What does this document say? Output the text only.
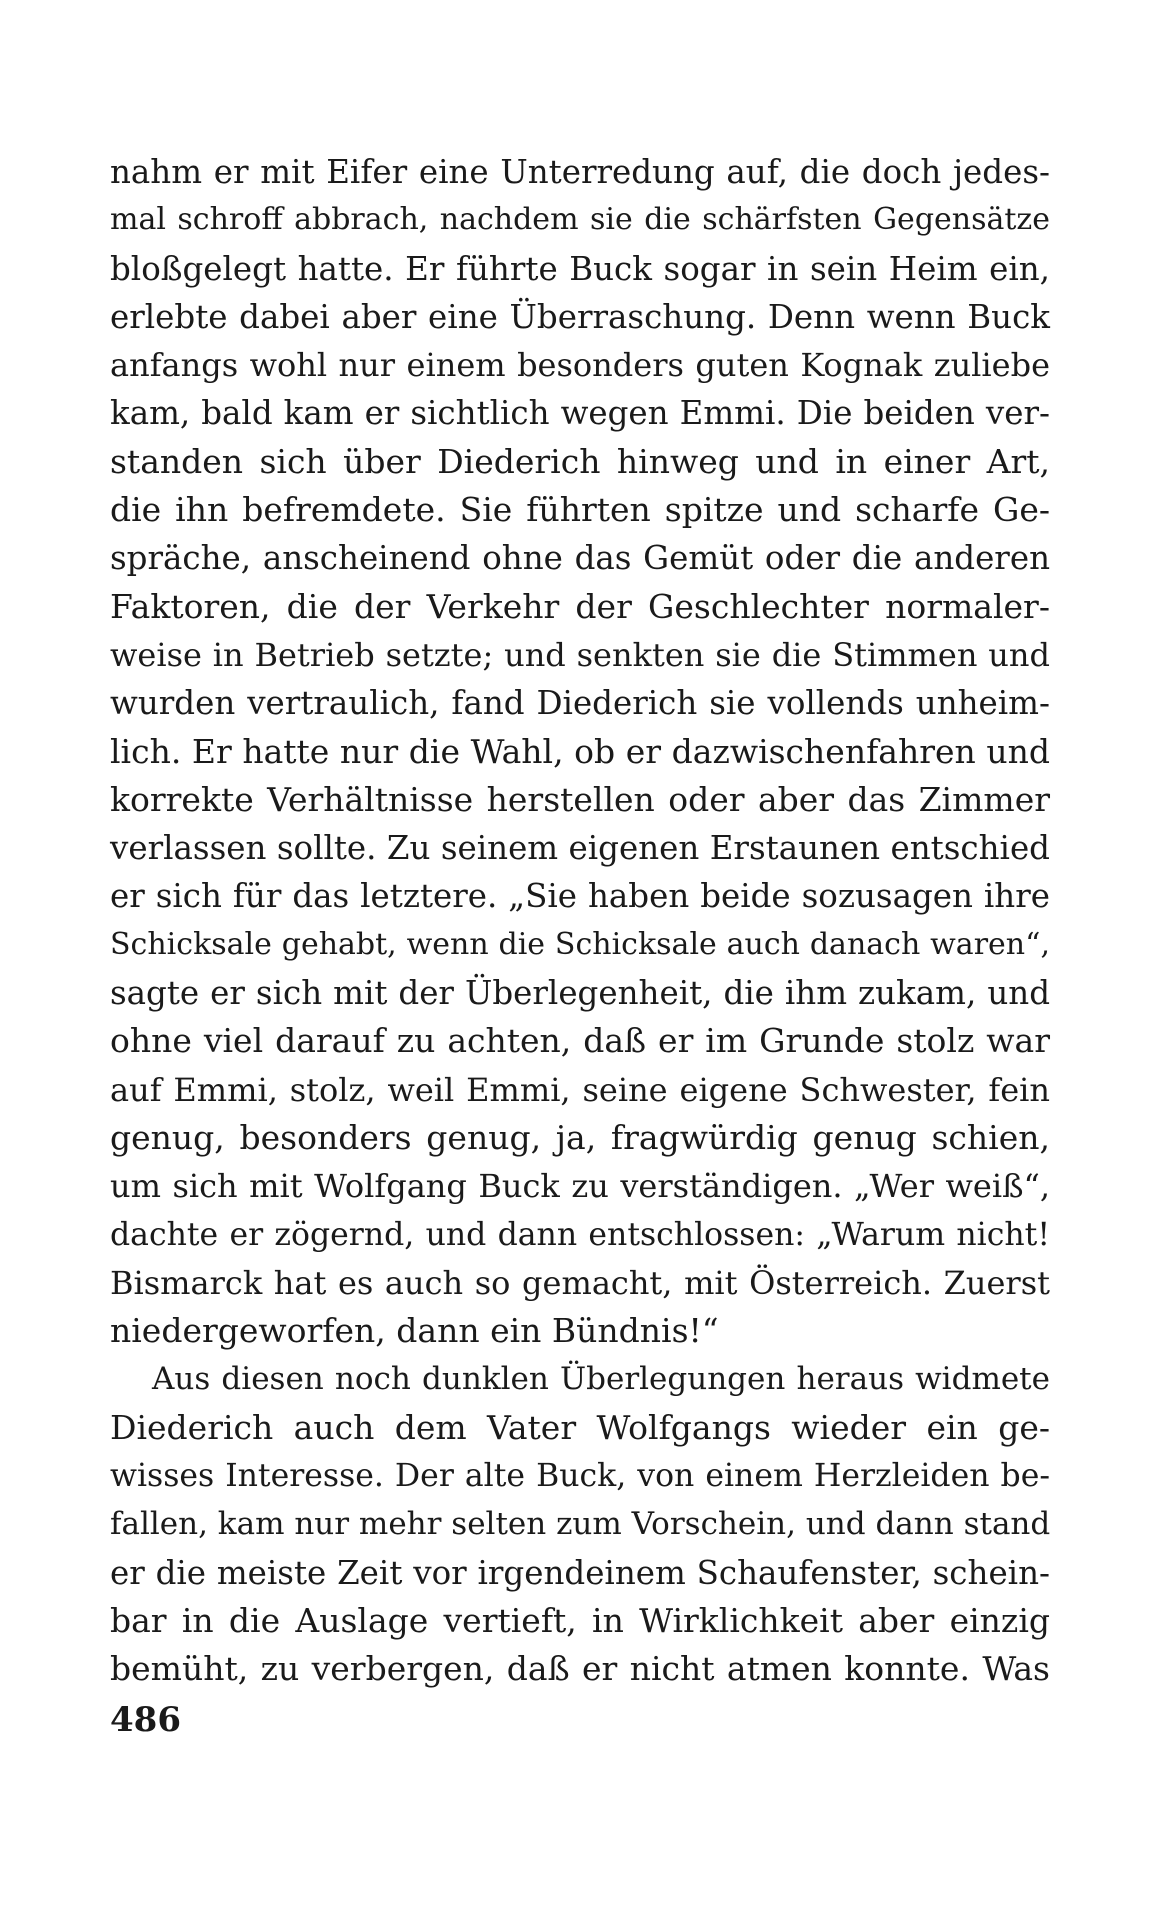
nahm er mit Eifer eine Unterredung auf, die doch jedes-
mal schroff abbrach, nachdem sie die schärfsten Gegensätze
bloßgelegt hatte. Er führte Buck sogar in sein Heim ein,
erlebte dabei aber eine Überraschung. Denn wenn Buck
anfangs wohl nur einem besonders guten Kognak zuliebe
kam, bald kam er sichtlich wegen Emmi. Die beiden ver-
standen sich über Diederich hinweg und in einer Art,
die ihn befremdete. Sie führten spitze und scharfe Ge-
spräche, anscheinend ohne das Gemüt oder die anderen
Faktoren, die der Verkehr der Geschlechter normaler-
weise in Betrieb setzte; und senkten sie die Stimmen und
wurden vertraulich, fand Diederich sie vollends unheim-
lich. Er hatte nur die Wahl, ob er dazwischenfahren und
korrekte Verhältnisse herstellen oder aber das Zimmer
verlassen sollte. Zu seinem eigenen Erstaunen entschied
er sich für das letztere. „Sie haben beide sozusagen ihre
Schicksale gehabt, wenn die Schicksale auch danach waren“,
sagte er sich mit der Überlegenheit, die ihm zukam, und
ohne viel darauf zu achten, daß er im Grunde stolz war
auf Emmi, stolz, weil Emmi, seine eigene Schwester, fein
genug, besonders genug, ja, fragwürdig genug schien,
um sich mit Wolfgang Buck zu verständigen. „Wer weiß“,
dachte er zögernd, und dann entschlossen: „Warum nicht!
Bismarck hat es auch so gemacht, mit Österreich. Zuerst
niedergeworfen, dann ein Bündnis!“
Aus diesen noch dunklen Überlegungen heraus widmete
Diederich auch dem Vater Wolfgangs wieder ein ge-
wisses Interesse. Der alte Buck, von einem Herzleiden be-
fallen, kam nur mehr selten zum Vorschein, und dann stand
er die meiste Zeit vor irgendeinem Schaufenster, schein-
bar in die Auslage vertieft, in Wirklichkeit aber einzig
bemüht, zu verbergen, daß er nicht atmen konnte. Was
486
